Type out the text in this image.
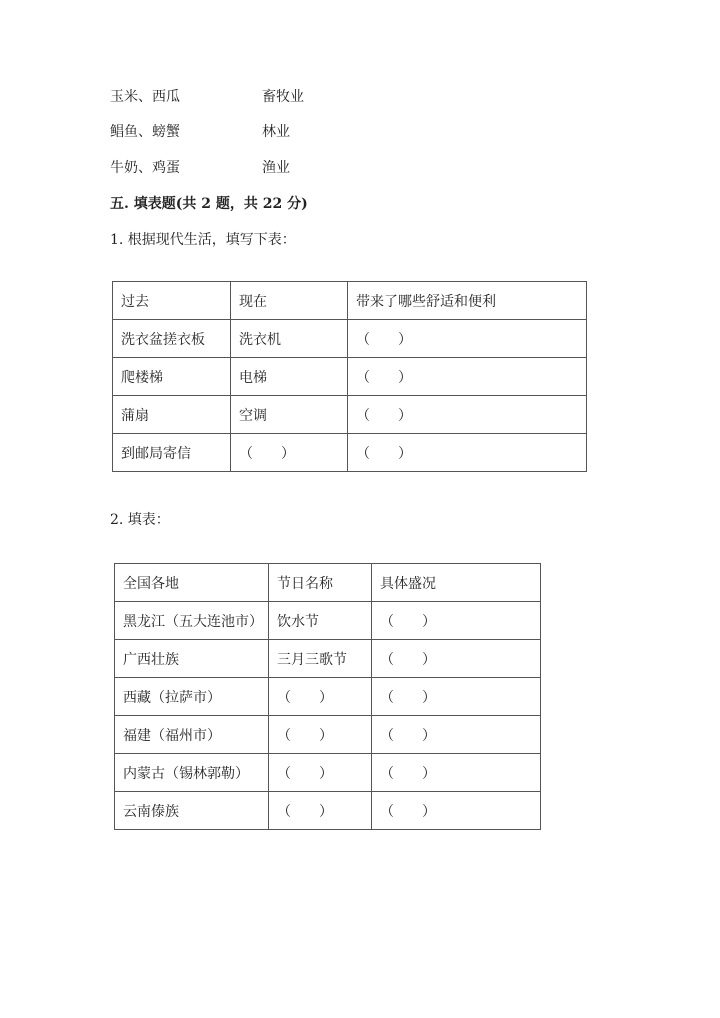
玉米、西瓜	畜牧业
鲳鱼、螃蟹	林业
牛奶、鸡蛋	渔业
五. 填表题(共 2 题，共 22 分)
1. 根据现代生活，填写下表：
过去	现在	带来了哪些舒适和便利
洗衣盆搓衣板	洗衣机	（　　）
爬楼梯	电梯	（　　）
蒲扇	空调	（　　）
到邮局寄信	（　　）	（　　）
2. 填表：
全国各地	节日名称	具体盛况
黑龙江（五大连池市）	饮水节	（　　）
广西壮族	三月三歌节	（　　）
西藏（拉萨市）	（　　）	（　　）
福建（福州市）	（　　）	（　　）
内蒙古（锡林郭勒）	（　　）	（　　）
云南傣族	（　　）	（　　）
